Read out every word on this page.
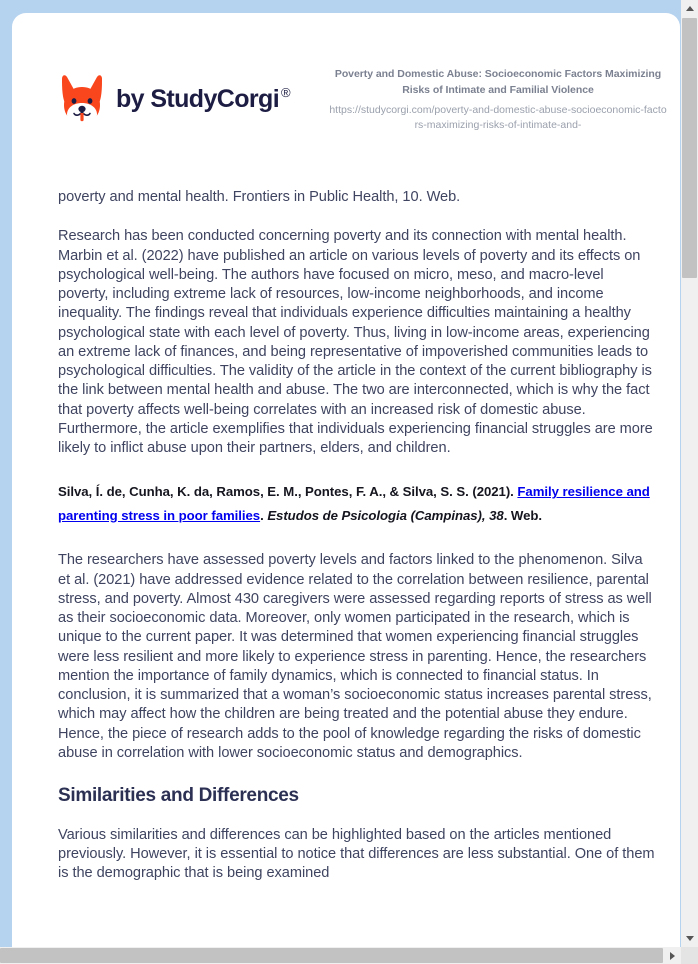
by StudyCorgi ®
Poverty and Domestic Abuse: Socioeconomic Factors Maximizing Risks of Intimate and Familial Violence
https://studycorgi.com/poverty-and-domestic-abuse-socioeconomic-factors-maximizing-risks-of-intimate-and-

poverty and mental health. Frontiers in Public Health, 10. Web.

Research has been conducted concerning poverty and its connection with mental health. Marbin et al. (2022) have published an article on various levels of poverty and its effects on psychological well-being. The authors have focused on micro, meso, and macro-level poverty, including extreme lack of resources, low-income neighborhoods, and income inequality. The findings reveal that individuals experience difficulties maintaining a healthy psychological state with each level of poverty. Thus, living in low-income areas, experiencing an extreme lack of finances, and being representative of impoverished communities leads to psychological difficulties. The validity of the article in the context of the current bibliography is the link between mental health and abuse. The two are interconnected, which is why the fact that poverty affects well-being correlates with an increased risk of domestic abuse. Furthermore, the article exemplifies that individuals experiencing financial struggles are more likely to inflict abuse upon their partners, elders, and children.

Silva, Í. de, Cunha, K. da, Ramos, E. M., Pontes, F. A., & Silva, S. S. (2021). Family resilience and parenting stress in poor families. Estudos de Psicologia (Campinas), 38. Web.

The researchers have assessed poverty levels and factors linked to the phenomenon. Silva et al. (2021) have addressed evidence related to the correlation between resilience, parental stress, and poverty. Almost 430 caregivers were assessed regarding reports of stress as well as their socioeconomic data. Moreover, only women participated in the research, which is unique to the current paper. It was determined that women experiencing financial struggles were less resilient and more likely to experience stress in parenting. Hence, the researchers mention the importance of family dynamics, which is connected to financial status. In conclusion, it is summarized that a woman’s socioeconomic status increases parental stress, which may affect how the children are being treated and the potential abuse they endure. Hence, the piece of research adds to the pool of knowledge regarding the risks of domestic abuse in correlation with lower socioeconomic status and demographics.

Similarities and Differences

Various similarities and differences can be highlighted based on the articles mentioned previously. However, it is essential to notice that differences are less substantial. One of them is the demographic that is being examined
